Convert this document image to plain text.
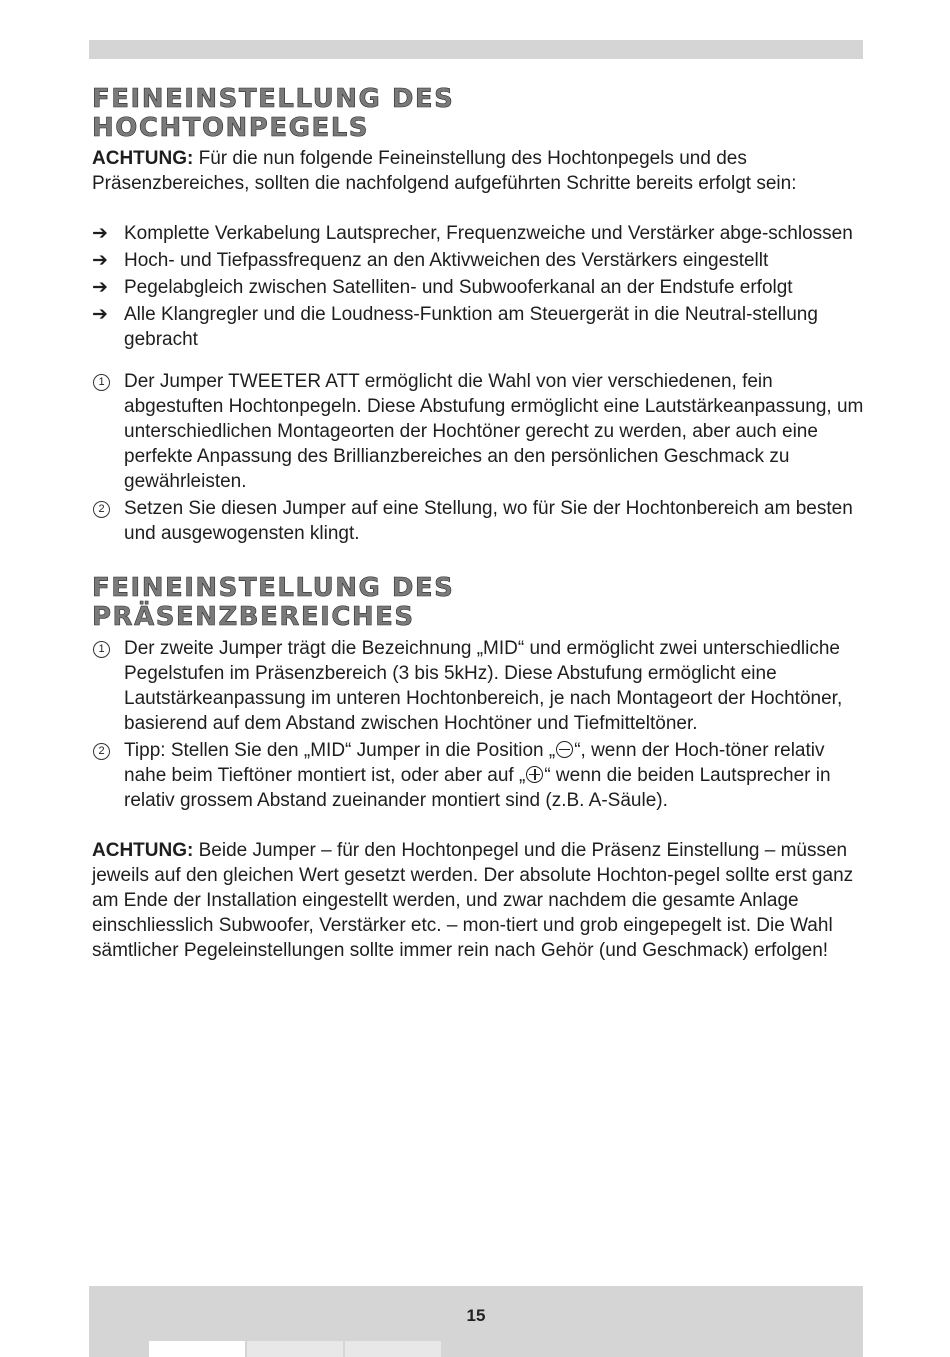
FEINEINSTELLUNG DES
HOCHTONPEGELS

ACHTUNG: Für die nun folgende Feineinstellung des Hochtonpegels und des Präsenzbereiches, sollten die nachfolgend aufgeführten Schritte bereits erfolgt sein:

➔ Komplette Verkabelung Lautsprecher, Frequenzweiche und Verstärker abge-schlossen
➔ Hoch- und Tiefpassfrequenz an den Aktivweichen des Verstärkers eingestellt
➔ Pegelabgleich zwischen Satelliten- und Subwooferkanal an der Endstufe erfolgt
➔ Alle Klangregler und die Loudness-Funktion am Steuergerät in die Neutral-stellung gebracht
1 Der Jumper TWEETER ATT ermöglicht die Wahl von vier verschiedenen, fein abgestuften Hochtonpegeln. Diese Abstufung ermöglicht eine Lautstärkeanpassung, um unterschiedlichen Montageorten der Hochtöner gerecht zu werden, aber auch eine perfekte Anpassung des Brillianzbereiches an den persönlichen Geschmack zu gewährleisten.
2 Setzen Sie diesen Jumper auf eine Stellung, wo für Sie der Hochtonbereich am besten und ausgewogensten klingt.
FEINEINSTELLUNG DES
PRÄSENZBEREICHES
1 Der zweite Jumper trägt die Bezeichnung „MID“ und ermöglicht zwei unterschiedliche Pegelstufen im Präsenzbereich (3 bis 5kHz). Diese Abstufung ermöglicht eine Lautstärkeanpassung im unteren Hochtonbereich, je nach Montageort der Hochtöner, basierend auf dem Abstand zwischen Hochtöner und Tiefmitteltöner.
2 Tipp: Stellen Sie den „MID“ Jumper in die Position „ “, wenn der Hoch-töner relativ nahe beim Tieftöner montiert ist, oder aber auf „ “ wenn die beiden Lautsprecher in relativ grossem Abstand zueinander montiert sind (z.B. A-Säule).

ACHTUNG: Beide Jumper – für den Hochtonpegel und die Präsenz Einstellung – müssen jeweils auf den gleichen Wert gesetzt werden. Der absolute Hochton-pegel sollte erst ganz am Ende der Installation eingestellt werden, und zwar nachdem die gesamte Anlage einschliesslich Subwoofer, Verstärker etc. – mon-tiert und grob eingepegelt ist. Die Wahl sämtlicher Pegeleinstellungen sollte immer rein nach Gehör (und Geschmack) erfolgen!

15
